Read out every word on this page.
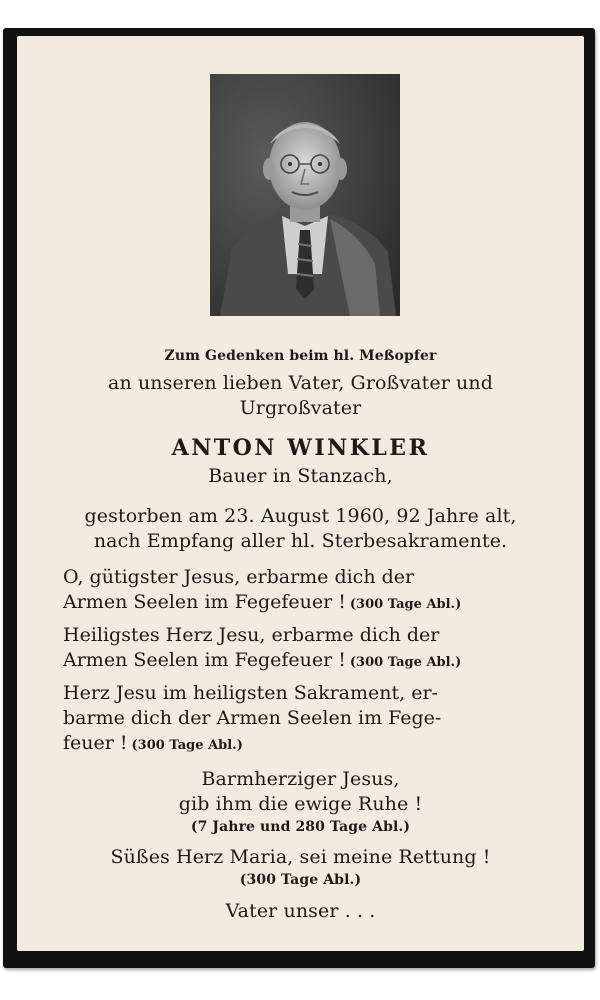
Zum Gedenken beim hl. Meßopfer
an unseren lieben Vater, Großvater und
Urgroßvater
ANTON WINKLER
Bauer in Stanzach,
gestorben am 23. August 1960, 92 Jahre alt,
nach Empfang aller hl. Sterbesakramente.
O, gütigster Jesus, erbarme dich der
Armen Seelen im Fegefeuer ! (300 Tage Abl.)
Heiligstes Herz Jesu, erbarme dich der
Armen Seelen im Fegefeuer ! (300 Tage Abl.)
Herz Jesu im heiligsten Sakrament, er-
barme dich der Armen Seelen im Fege-
feuer ! (300 Tage Abl.)
Barmherziger Jesus,
gib ihm die ewige Ruhe !
(7 Jahre und 280 Tage Abl.)
Süßes Herz Maria, sei meine Rettung !
(300 Tage Abl.)
Vater unser . . .
